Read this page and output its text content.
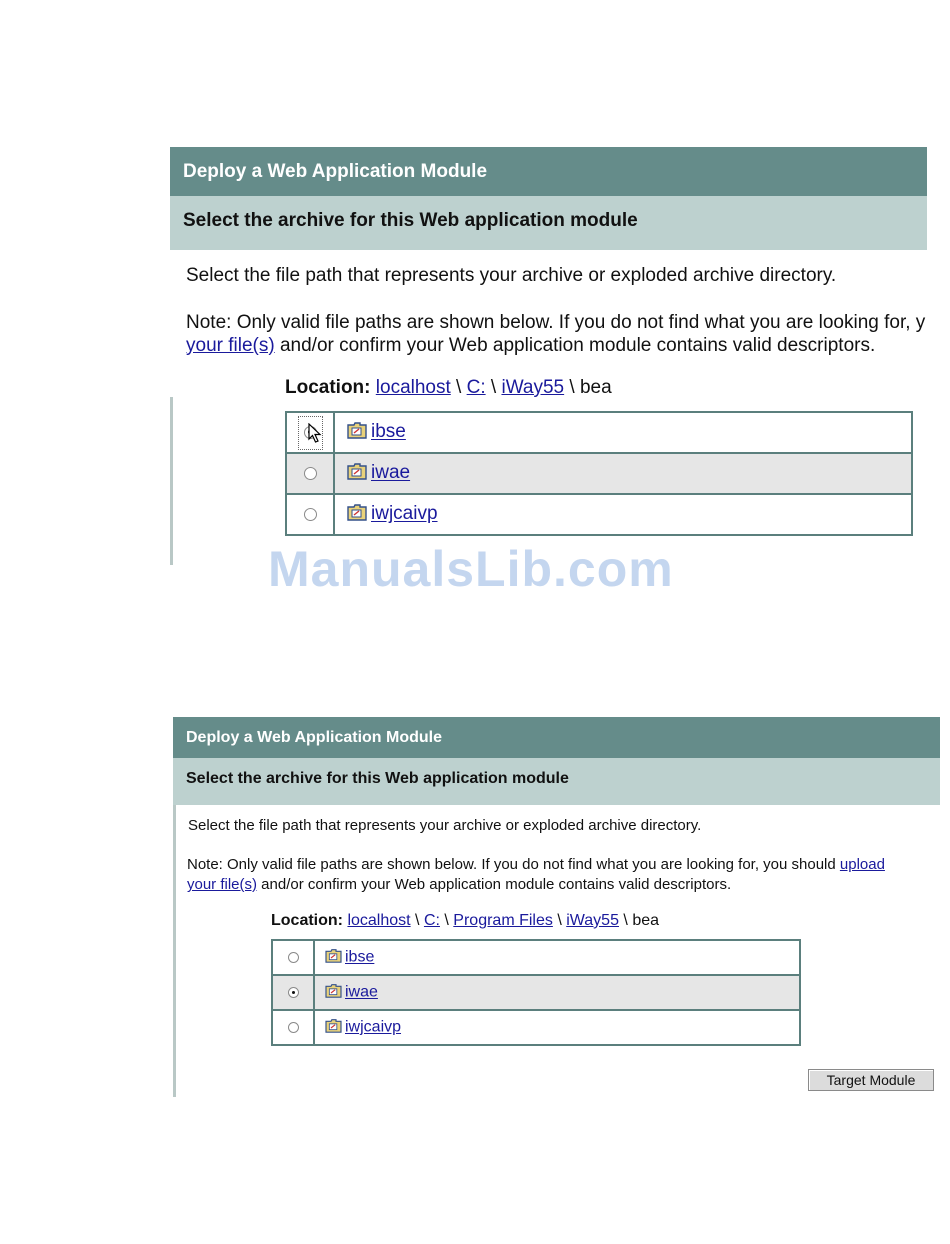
Deploy a Web Application Module
Select the archive for this Web application module
Select the file path that represents your archive or exploded archive directory.
Note: Only valid file paths are shown below. If you do not find what you are looking for, y
your file(s) and/or confirm your Web application module contains valid descriptors.
Location: localhost \ C: \ iWay55 \ bea

ibse

iwae

iwjcaivp
ManualsLib.com
Deploy a Web Application Module
Select the archive for this Web application module
Select the file path that represents your archive or exploded archive directory.
Note: Only valid file paths are shown below. If you do not find what you are looking for, you should upload
your file(s) and/or confirm your Web application module contains valid descriptors.
Location: localhost \ C: \ Program Files \ iWay55 \ bea

ibse

iwae

iwjcaivp
Target Module
